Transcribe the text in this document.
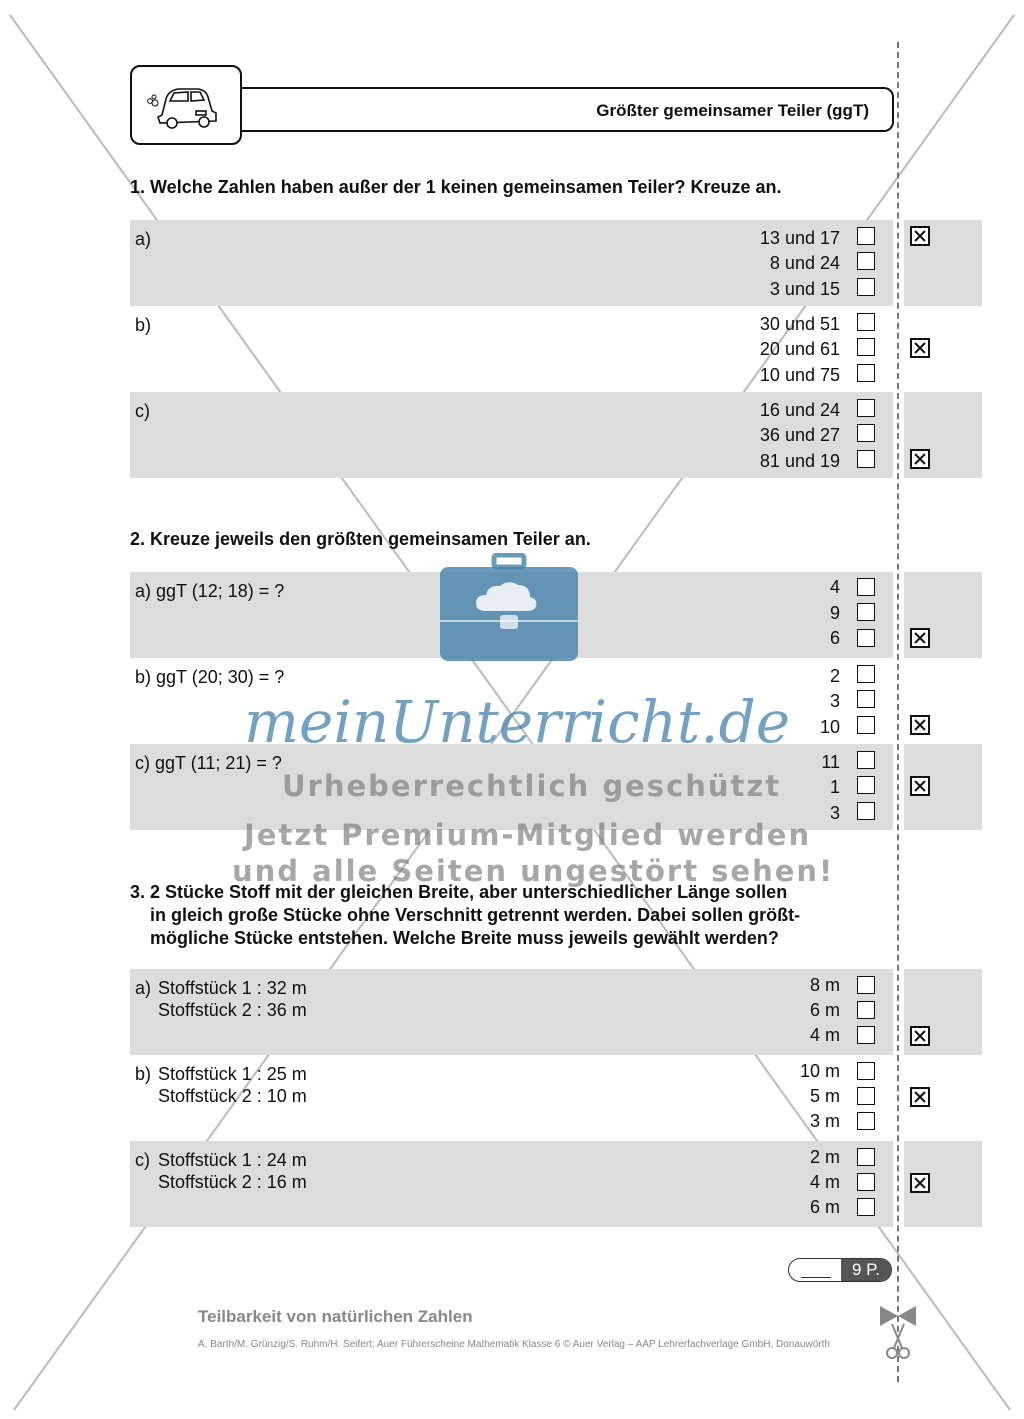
Größter gemeinsamer Teiler (ggT)
1. Welche Zahlen haben außer der 1 keinen gemeinsamen Teiler? Kreuze an.
a)	13 und 17
8 und 24
3 und 15
b)	30 und 51
20 und 61
10 und 75
c)	16 und 24
36 und 27
81 und 19
2. Kreuze jeweils den größten gemeinsamen Teiler an.
a) ggT (12; 18) = ?	4
9
6
b) ggT (20; 30) = ?	2
3
10
c) ggT (11; 21) = ?	11
1
3
3. 2 Stücke Stoff mit der gleichen Breite, aber unterschiedlicher Länge sollen
in gleich große Stücke ohne Verschnitt getrennt werden. Dabei sollen größt-
mögliche Stücke entstehen. Welche Breite muss jeweils gewählt werden?
a) Stoffstück 1 : 32 m
Stoffstück 2 : 36 m
8 m
6 m
4 m
b) Stoffstück 1 : 25 m
Stoffstück 2 : 10 m
10 m
5 m
3 m
c) Stoffstück 1 : 24 m
Stoffstück 2 : 16 m
2 m
4 m
6 m
9 P.
Teilbarkeit von natürlichen Zahlen
A. Barth/M. Grünzig/S. Ruhm/H. Seifert: Auer Führerscheine Mathematik Klasse 6 © Auer Verlag – AAP Lehrerfachverlage GmbH, Donauwörth
meinUnterricht.de
Urheberrechtlich geschützt
Jetzt Premium-Mitglied werden
und alle Seiten ungestört sehen!
